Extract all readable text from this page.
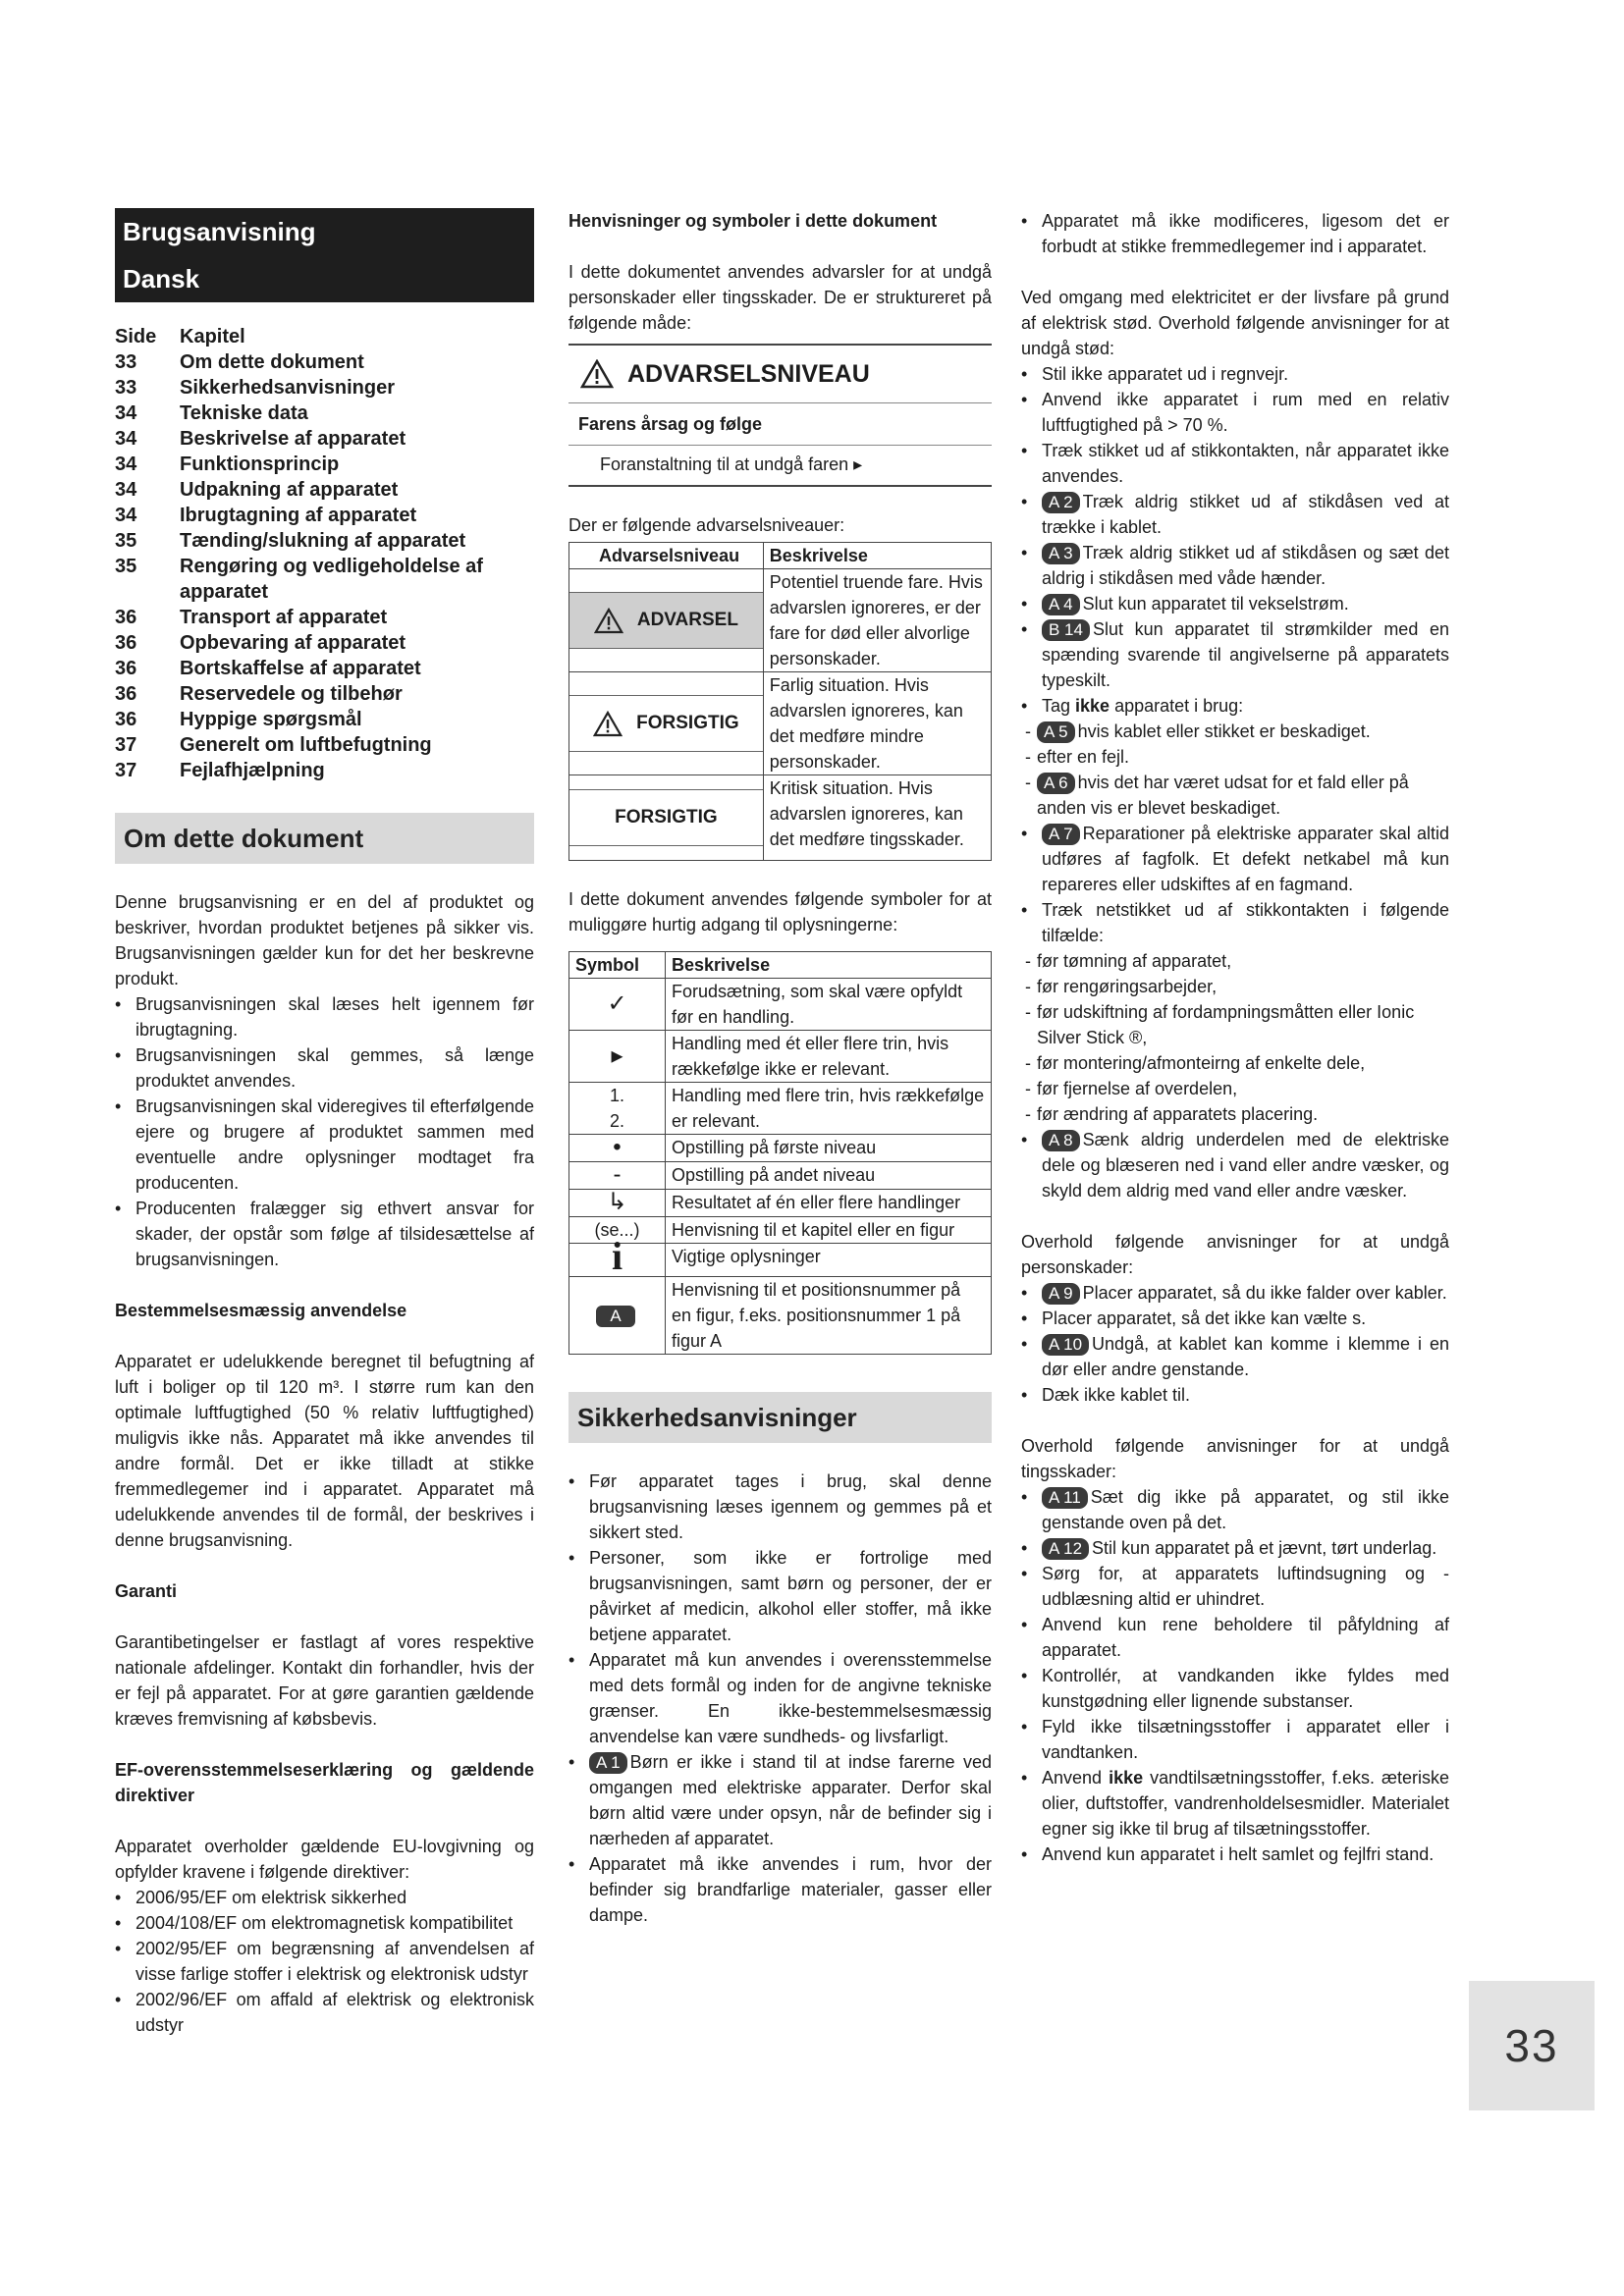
Brugsanvisning
Dansk
Side Kapitel
33	Om dette dokument
33	Sikkerhedsanvisninger
34	Tekniske data
34	Beskrivelse af apparatet
34	Funktionsprincip
34	Udpakning af apparatet
34	Ibrugtagning af apparatet
35	Tænding/slukning af apparatet
35	Rengøring og vedligeholdelse af apparatet
36	Transport af apparatet
36	Opbevaring af apparatet
36	Bortskaffelse af apparatet
36	Reservedele og tilbehør
36	Hyppige spørgsmål
37	Generelt om luftbefugtning
37	Fejlafhjælpning
Om dette dokument

Denne brugsanvisning er en del af produktet og beskriver, hvordan produktet betjenes på sikker vis. Brugsanvisningen gælder kun for det her beskrevne produkt.

• Brugsanvisningen skal læses helt igennem før ibrugtagning.
• Brugsanvisningen skal gemmes, så længe produktet anvendes.
• Brugsanvisningen skal videregives til efterfølgende ejere og brugere af produktet sammen med eventuelle andre oplysninger modtaget fra producenten.
• Producenten fralægger sig ethvert ansvar for skader, der opstår som følge af tilsidesættelse af brugsanvisningen.

Bestemmelsesmæssig anvendelse

Apparatet er udelukkende beregnet til befugtning af luft i boliger op til 120 m³. I større rum kan den optimale luftfugtighed (50 % relativ luftfugtighed) muligvis ikke nås. Apparatet må ikke anvendes til andre formål. Det er ikke tilladt at stikke fremmedlegemer ind i apparatet. Apparatet må udelukkende anvendes til de formål, der beskrives i denne brugsanvisning.

Garanti

Garantibetingelser er fastlagt af vores respektive nationale afdelinger. Kontakt din forhandler, hvis der er fejl på apparatet. For at gøre garantien gældende kræves fremvisning af købsbevis.

EF-overensstemmelseserklæring og gældende direktiver

Apparatet overholder gældende EU-lovgivning og opfylder kravene i følgende direktiver:

• 2006/95/EF om elektrisk sikkerhed
• 2004/108/EF om elektromagnetisk kompatibilitet
• 2002/95/EF om begrænsning af anvendelsen af visse farlige stoffer i elektrisk og elektronisk udstyr
• 2002/96/EF om affald af elektrisk og elektronisk udstyr

Henvisninger og symboler i dette dokument

I dette dokumentet anvendes advarsler for at undgå personskader eller tingsskader. De er struktureret på følgende måde:

ADVARSELSNIVEAU
Farens årsag og følge
Foranstaltning til at undgå faren ▸

Der er følgende advarselsniveauer:

Advarselsniveau	Beskrivelse

ADVARSEL	Potentiel truende fare. Hvis advarslen ignoreres, er der fare for død eller alvorlige personskader.

FORSIGTIG	Farlig situation. Hvis advarslen ignoreres, kan det medføre mindre personskader.

FORSIGTIG	Kritisk situation. Hvis advarslen ignoreres, kan det medføre tingsskader.

I dette dokument anvendes følgende symboler for at muliggøre hurtig adgang til oplysningerne:

Symbol	Beskrivelse
✓	Forudsætning, som skal være opfyldt før en handling.
▸	Handling med ét eller flere trin, hvis rækkefølge ikke er relevant.
1.
2.	Handling med flere trin, hvis rækkefølge er relevant.
•	Opstilling på første niveau
-	Opstilling på andet niveau
↳	Resultatet af én eller flere handlinger
(se...)	Henvisning til et kapitel eller en figur
i	Vigtige oplysninger
A	Henvisning til et positionsnummer på en figur, f.eks. positionsnummer 1 på figur A
Sikkerhedsanvisninger
• Før apparatet tages i brug, skal denne brugsanvisning læses igennem og gemmes på et sikkert sted.
• Personer, som ikke er fortrolige med brugsanvisningen, samt børn og personer, der er påvirket af medicin, alkohol eller stoffer, må ikke betjene apparatet.
• Apparatet må kun anvendes i overensstemmelse med dets formål og inden for de angivne tekniske grænser. En ikke-bestemmelsesmæssig anvendelse kan være sundheds- og livsfarligt.
• A 1 Børn er ikke i stand til at indse farerne ved omgangen med elektriske apparater. Derfor skal børn altid være under opsyn, når de befinder sig i nærheden af apparatet.
• Apparatet må ikke anvendes i rum, hvor der befinder sig brandfarlige materialer, gasser eller dampe.
• Apparatet må ikke modificeres, ligesom det er forbudt at stikke fremmedlegemer ind i apparatet.

Ved omgang med elektricitet er der livsfare på grund af elektrisk stød. Overhold følgende anvisninger for at undgå stød:

• Stil ikke apparatet ud i regnvejr.
• Anvend ikke apparatet i rum med en relativ luftfugtighed på > 70 %.
• Træk stikket ud af stikkontakten, når apparatet ikke anvendes.
• A 2 Træk aldrig stikket ud af stikdåsen ved at trække i kablet.
• A 3 Træk aldrig stikket ud af stikdåsen og sæt det aldrig i stikdåsen med våde hænder.
• A 4 Slut kun apparatet til vekselstrøm.
• B 14 Slut kun apparatet til strømkilder med en spænding svarende til angivelserne på apparatets typeskilt.
• Tag ikke apparatet i brug:
- A 5 hvis kablet eller stikket er beskadiget.
- efter en fejl.
- A 6 hvis det har været udsat for et fald eller på anden vis er blevet beskadiget.
• A 7 Reparationer på elektriske apparater skal altid udføres af fagfolk. Et defekt netkabel må kun repareres eller udskiftes af en fagmand.
• Træk netstikket ud af stikkontakten i følgende tilfælde:
- før tømning af apparatet,
- før rengøringsarbejder,
- før udskiftning af fordampningsmåtten eller Ionic Silver Stick ®,
- før montering/afmonteirng af enkelte dele,
- før fjernelse af overdelen,
- før ændring af apparatets placering.
• A 8 Sænk aldrig underdelen med de elektriske dele og blæseren ned i vand eller andre væsker, og skyld dem aldrig med vand eller andre væsker.

Overhold følgende anvisninger for at undgå personskader:

• A 9 Placer apparatet, så du ikke falder over kabler.
• Placer apparatet, så det ikke kan vælte s.
• A 10 Undgå, at kablet kan komme i klemme i en dør eller andre genstande.
• Dæk ikke kablet til.

Overhold følgende anvisninger for at undgå tingsskader:

• A 11 Sæt dig ikke på apparatet, og stil ikke genstande oven på det.
• A 12 Stil kun apparatet på et jævnt, tørt underlag.
• Sørg for, at apparatets luftindsugning og -udblæsning altid er uhindret.
• Anvend kun rene beholdere til påfyldning af apparatet.
• Kontrollér, at vandkanden ikke fyldes med kunstgødning eller lignende substanser.
• Fyld ikke tilsætningsstoffer i apparatet eller i vandtanken.
• Anvend ikke vandtilsætningsstoffer, f.eks. æteriske olier, duftstoffer, vandrenholdelsesmidler. Materialet egner sig ikke til brug af tilsætningsstoffer.
• Anvend kun apparatet i helt samlet og fejlfri stand.
33
